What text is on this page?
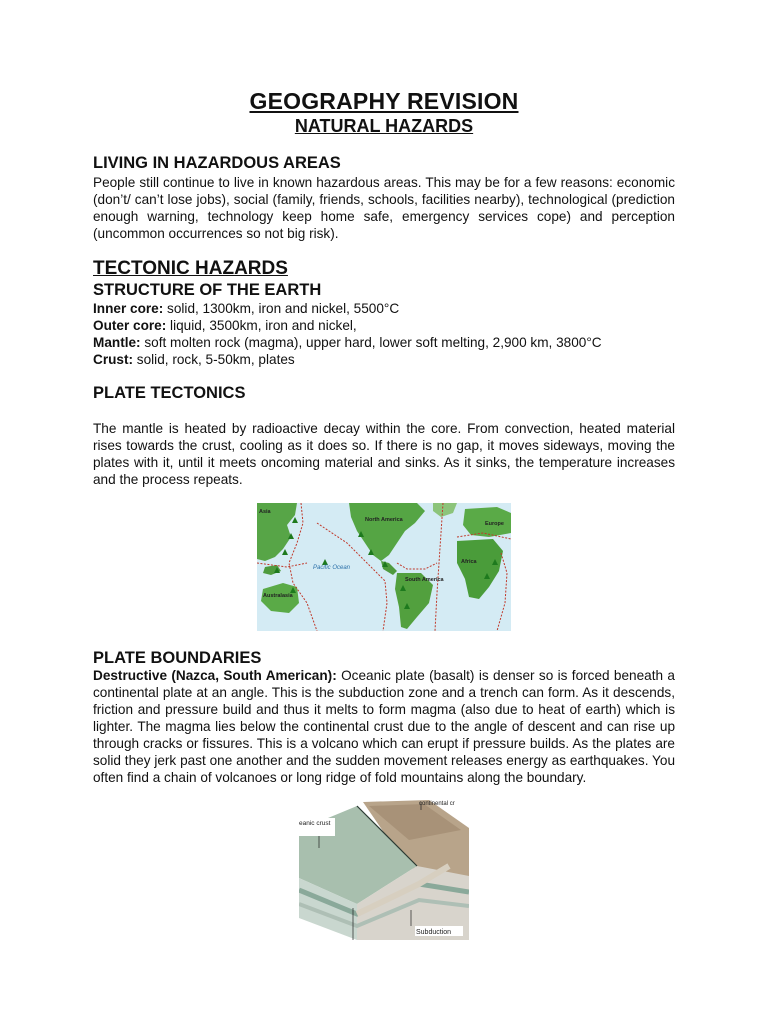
GEOGRAPHY REVISION
NATURAL HAZARDS
LIVING IN HAZARDOUS AREAS

People still continue to live in known hazardous areas. This may be for a few reasons: economic (don’t/ can’t lose jobs), social (family, friends, schools, facilities nearby), technological (prediction enough warning, technology keep home safe, emergency services cope) and perception (uncommon occurrences so not big risk).

TECTONIC HAZARDS
STRUCTURE OF THE EARTH
Inner core: solid, 1300km, iron and nickel, 5500°C
Outer core: liquid, 3500km, iron and nickel,
Mantle: soft molten rock (magma), upper hard, lower soft melting, 2,900 km, 3800°C
Crust: solid, rock, 5-50km, plates
PLATE TECTONICS

The mantle is heated by radioactive decay within the core. From convection, heated material rises towards the crust, cooling as it does so. If there is no gap, it moves sideways, moving the plates with it, until it meets oncoming material and sinks. As it sinks, the temperature increases and the process repeats.

PLATE BOUNDARIES

Destructive (Nazca, South American): Oceanic plate (basalt) is denser so is forced beneath a continental plate at an angle. This is the subduction zone and a trench can form. As it descends, friction and pressure build and thus it melts to form magma (also due to heat of earth) which is lighter. The magma lies below the continental crust due to the angle of descent and can rise up through cracks or fissures. This is a volcano which can erupt if pressure builds. As the plates are solid they jerk past one another and the sudden movement releases energy as earthquakes. You often find a chain of volcanoes or long ridge of fold mountains along the boundary.

Asia
North America
Europe
Pacific Ocean
Africa
South America
Australasia
eanic crust
continental cr
Subduction
